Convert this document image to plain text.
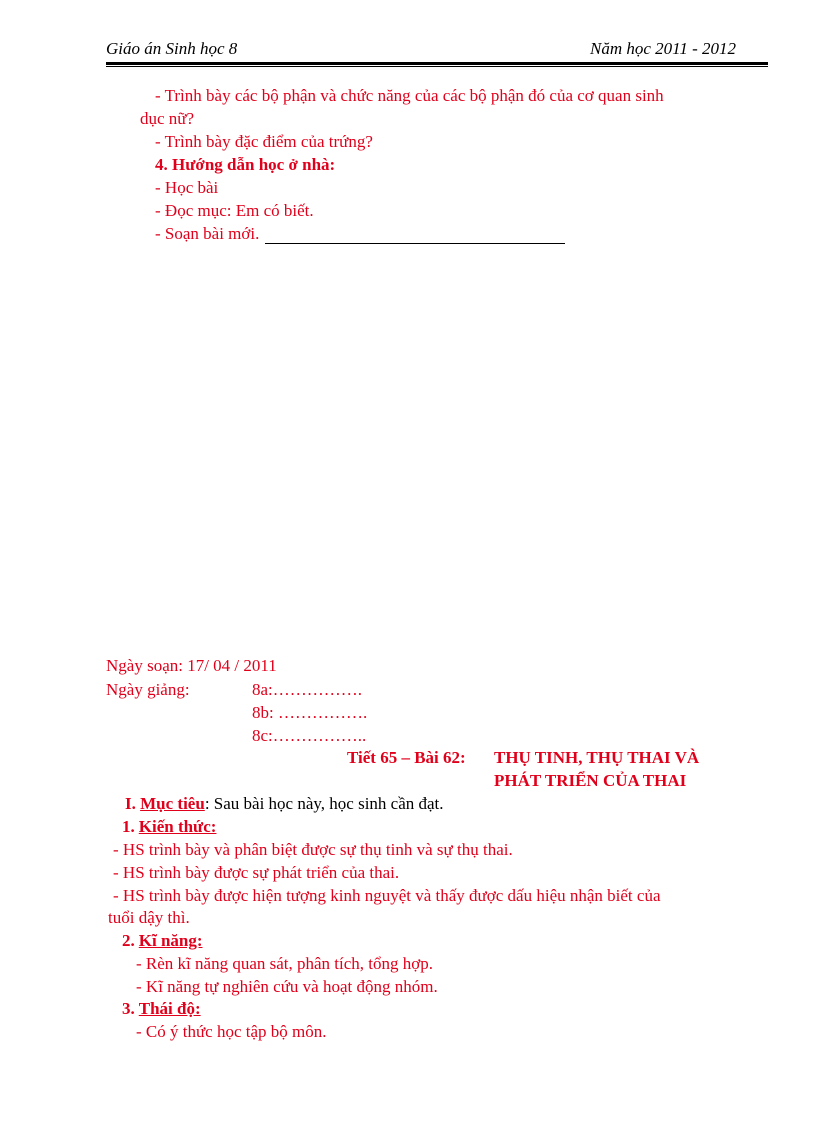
Giáo án Sinh học 8	Năm học 2011 - 2012
- Trình bày các bộ phận và chức năng của các bộ phận đó của cơ quan sinh
dục nữ?
- Trình bày đặc điểm của trứng?
4. Hướng dẫn học ở nhà:
- Học bài
- Đọc mục: Em có biết.
- Soạn bài mới.
Ngày soạn: 17/ 04 / 2011
Ngày giảng:	8a:…………….
8b: …………….
8c:……………..
Tiết 65 – Bài 62: THỤ TINH, THỤ THAI VÀ
PHÁT TRIỂN CỦA THAI
I. Mục tiêu: Sau bài học này, học sinh cần đạt.
1. Kiến thức:
- HS trình bày và phân biệt được sự thụ tinh và sự thụ thai.
- HS trình bày được sự phát triển của thai.
- HS trình bày được hiện tượng kinh nguyệt và thấy được dấu hiệu nhận biết của
tuổi dậy thì.
2. Kĩ năng:
- Rèn kĩ năng quan sát, phân tích, tổng hợp.
- Kĩ năng tự nghiên cứu và hoạt động nhóm.
3. Thái độ:
- Có ý thức học tập bộ môn.
